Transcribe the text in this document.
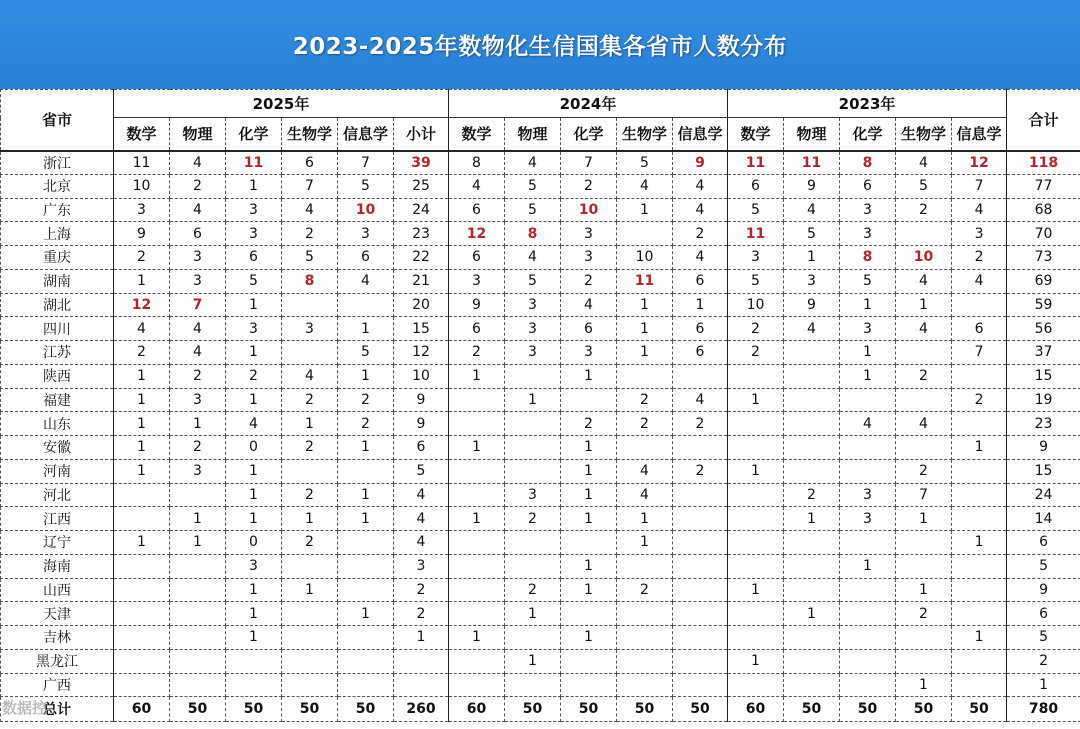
2023-2025年数物化生信国集各省市人数分布
省市	2025年						2024年					2023年					合计
	数学	物理	化学	生物学	信息学	小计	数学	物理	化学	生物学	信息学	数学	物理	化学	生物学	信息学	
浙江	11	4	11	6	7	39	8	4	7	5	9	11	11	8	4	12	118
北京	10	2	1	7	5	25	4	5	2	4	4	6	9	6	5	7	77
广东	3	4	3	4	10	24	6	5	10	1	4	5	4	3	2	4	68
上海	9	6	3	2	3	23	12	8	3		2	11	5	3		3	70
重庆	2	3	6	5	6	22	6	4	3	10	4	3	1	8	10	2	73
湖南	1	3	5	8	4	21	3	5	2	11	6	5	3	5	4	4	69
湖北	12	7	1			20	9	3	4	1	1	10	9	1	1		59
四川	4	4	3	3	1	15	6	3	6	1	6	2	4	3	4	6	56
江苏	2	4	1		5	12	2	3	3	1	6	2		1		7	37
陕西	1	2	2	4	1	10	1		1					1	2		15
福建	1	3	1	2	2	9		1		2	4	1				2	19
山东	1	1	4	1	2	9			2	2	2			4	4		23
安徽	1	2	0	2	1	6	1		1							1	9
河南	1	3	1			5			1	4	2	1			2		15
河北			1	2	1	4		3	1	4			2	3	7		24
江西		1	1	1	1	4	1	2	1	1			1	3	1		14
辽宁	1	1	0	2		4				1						1	6
海南			3			3			1					1			5
山西			1	1		2		2	1	2		1			1		9
天津			1		1	2		1					1		2		6
吉林			1			1	1		1							1	5
黑龙江								1				1					2
广西															1		1
总计	60	50	50	50	50	260	60	50	50	50	50	60	50	50	50	50	780
数据控
